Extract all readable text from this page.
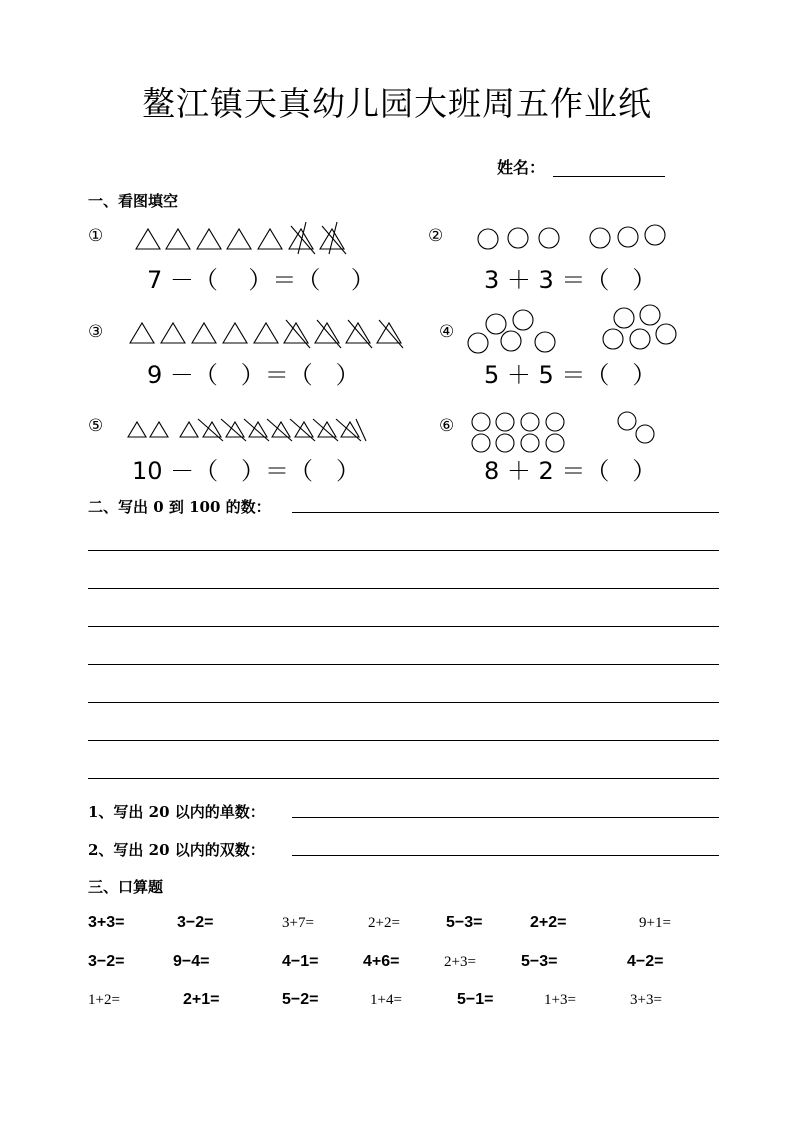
鳌江镇天真幼儿园大班周五作业纸
姓名：
一、看图填空
①	②
③	④
⑤	⑥
7 －（    ）＝（    ）	3 ＋ 3 ＝（   ）
9 －（   ）＝（   ）	5 ＋ 5 ＝（   ）
10 －（   ）＝（   ）	8 ＋ 2 ＝（   ）
二、写出 0 到 100 的数：
1、写出 20 以内的单数：
2、写出 20 以内的双数：
三、口算题
3+3=	3−2=	3+7=	2+2=	5−3=	2+2=	9+1=
3−2=	9−4=	4−1=	4+6=	2+3=	5−3=	4−2=
1+2=	2+1=	5−2=	1+4=	5−1=	1+3=	3+3=
